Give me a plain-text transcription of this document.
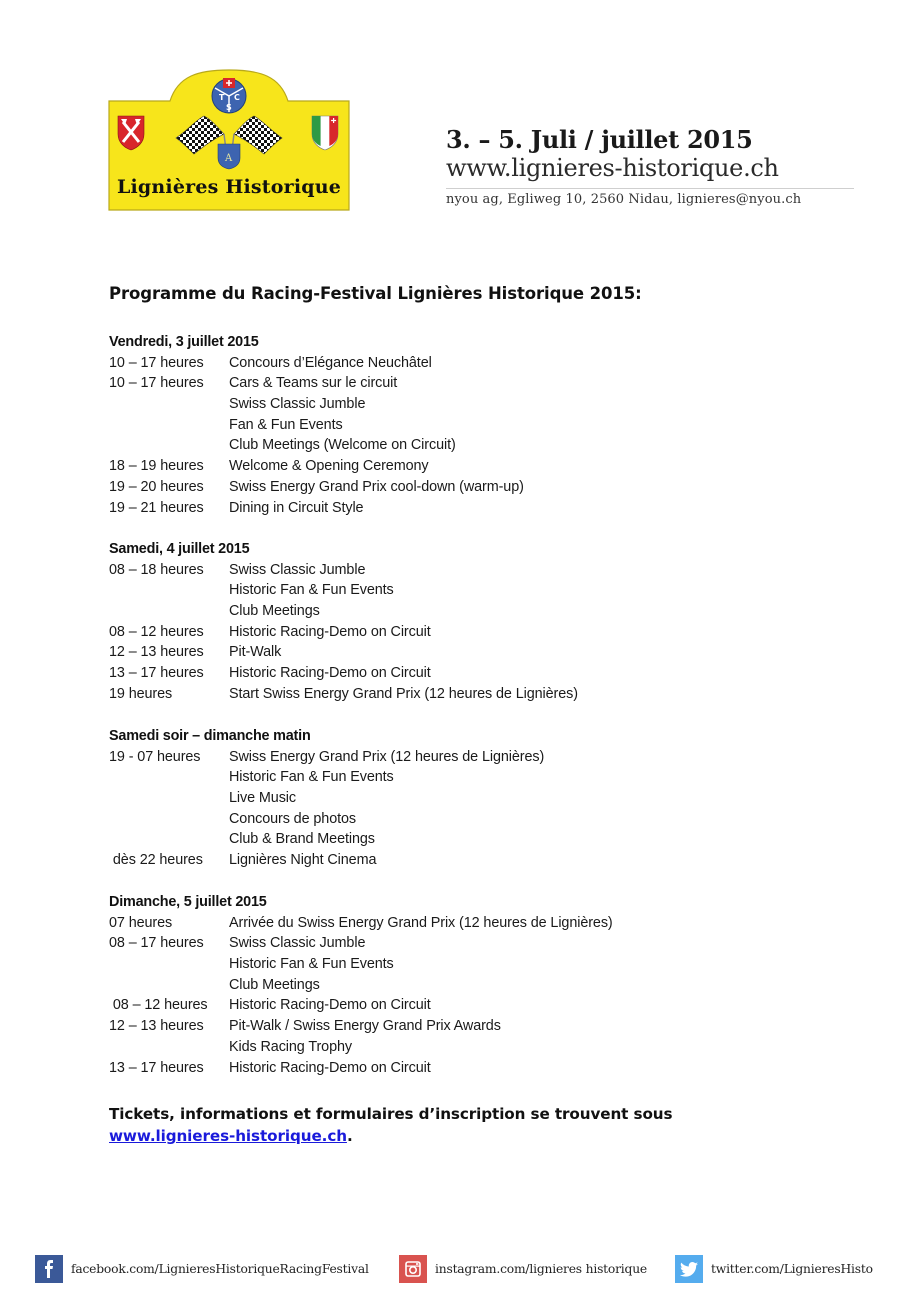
T C
S
A
Lignières Historique
3. – 5. Juli / juillet 2015
www.lignieres-historique.ch
nyou ag, Egliweg 10, 2560 Nidau, lignieres@nyou.ch
Programme du Racing-Festival Lignières Historique 2015:
Vendredi, 3 juillet 2015
10 – 17 heures	Concours d’Elégance Neuchâtel
10 – 17 heures	Cars & Teams sur le circuit
Swiss Classic Jumble
Fan & Fun Events
Club Meetings (Welcome on Circuit)
18 – 19 heures	Welcome & Opening Ceremony
19 – 20 heures	Swiss Energy Grand Prix cool-down (warm-up)
19 – 21 heures	Dining in Circuit Style
Samedi, 4 juillet 2015
08 – 18 heures	Swiss Classic Jumble
Historic Fan & Fun Events
Club Meetings
08 – 12 heures	Historic Racing-Demo on Circuit
12 – 13 heures	Pit-Walk
13 – 17 heures	Historic Racing-Demo on Circuit
19 heures	Start Swiss Energy Grand Prix (12 heures de Lignières)
Samedi soir – dimanche matin
19 - 07 heures	Swiss Energy Grand Prix (12 heures de Lignières)
Historic Fan & Fun Events
Live Music
Concours de photos
Club & Brand Meetings
dès 22 heures	Lignières Night Cinema
Dimanche, 5 juillet 2015
07 heures	Arrivée du Swiss Energy Grand Prix (12 heures de Lignières)
08 – 17 heures	Swiss Classic Jumble
Historic Fan & Fun Events
Club Meetings
08 – 12 heures	Historic Racing-Demo on Circuit
12 – 13 heures	Pit-Walk / Swiss Energy Grand Prix Awards
Kids Racing Trophy
13 – 17 heures	Historic Racing-Demo on Circuit
Tickets, informations et formulaires d’inscription se trouvent sous
www.lignieres-historique.ch.
facebook.com/LignieresHistoriqueRacingFestival	instagram.com/lignieres historique	twitter.com/LignieresHisto
